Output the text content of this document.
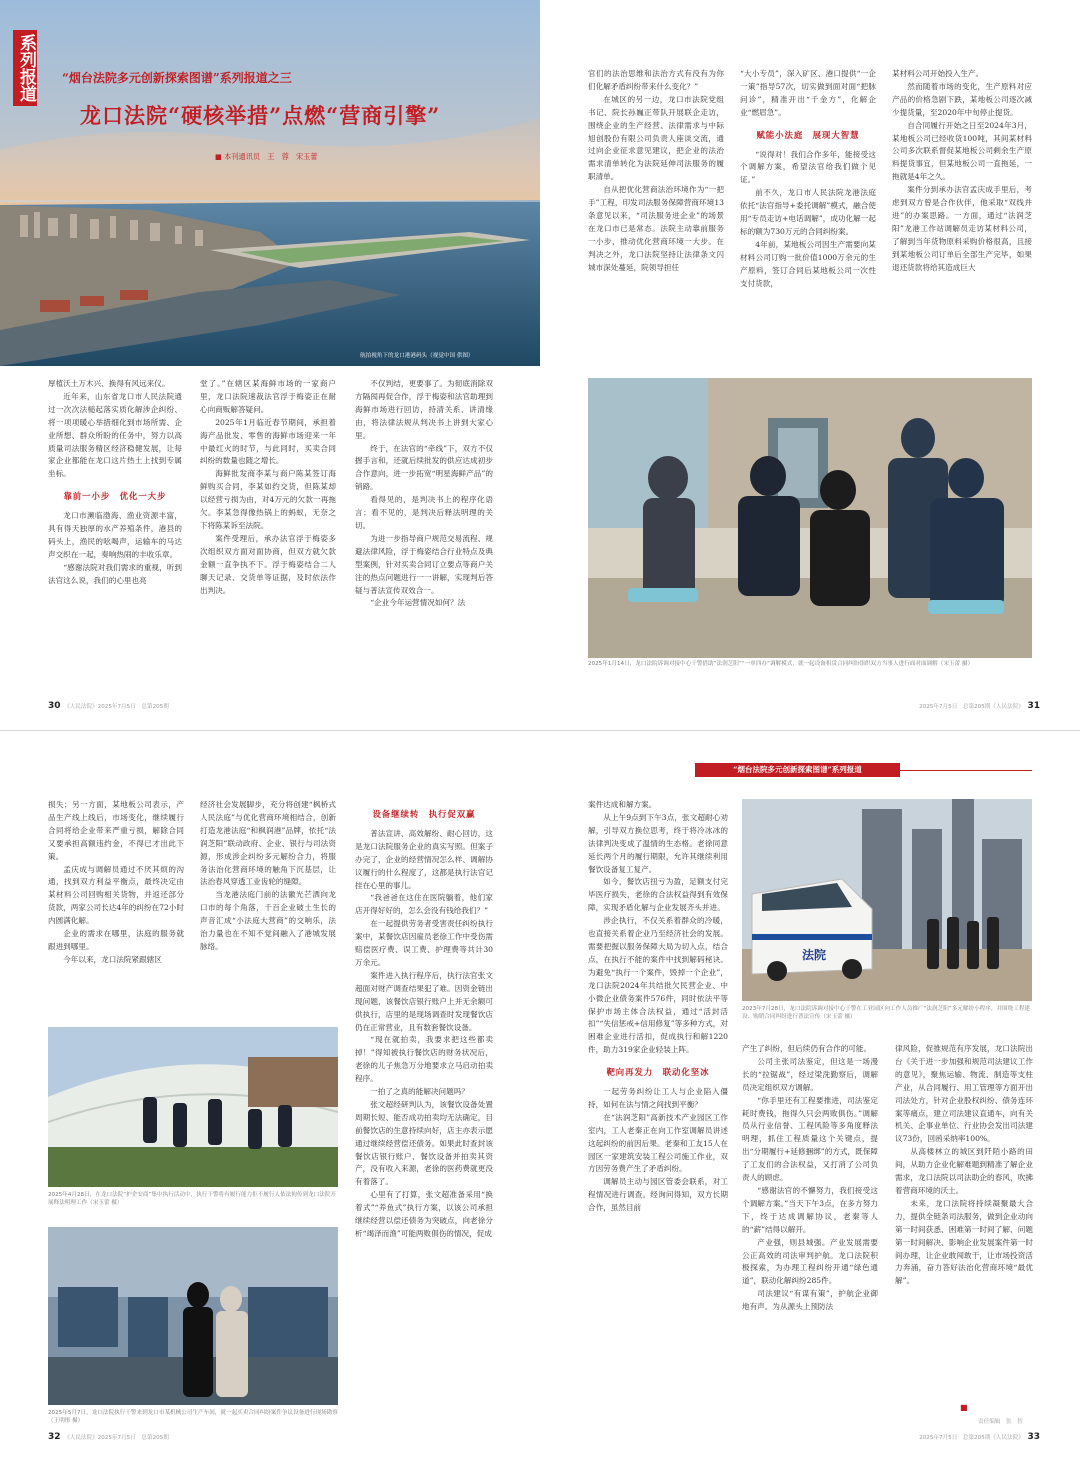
系列报道 “烟台法院多元创新探索图谱”系列报道之三
龙口法院“硬核举措”点燃“营商引擎”
■ 本刊通讯员　王　蓉　宋玉蕾
航拍视角下的龙口港港码头（视觉中国 供图）

厚植沃土万木兴、换得有风远来仪。

近年来，山东省龙口市人民法院通过一次次法槌起落实质化解涉企纠纷、将一项项暖心举措细化到市场所需、企业所想、群众所盼的任务中，努力以高质量司法服务精区经济稳健发展，让每家企业都能在龙口这片热土上找到专属坐标。

靠前一小步　优化一大步

龙口市濒临渤海、渔业资源丰富，具有得天独厚的水产养殖条件，港县的码头上，渔民的吆喝声，运输车的马达声交织在一起，奏响热闹的丰收乐章。

“感谢法院对我们需求的重视，听到法官这么说，我们的心里也亮

堂了。”在辖区某海鲜市场的一家商户里，龙口法院速裁法官浮于梅姿正在耐心向商贩解答疑问。

2025年1月临近春节期间，承担着海产品批发、零售的海鲜市场迎来一年中最红火的时节，与此同时，买卖合同纠纷的数量也随之增长。

海鲜批发商李某与商户陈某签订海鲜购买合同，李某如约交货，但陈某却以经营亏损为由，对4万元的欠款一再拖欠。李某急得像热锅上的蚂蚁，无奈之下将陈某诉至法院。

案件受理后，承办法官浮于梅姿多次组织双方面对面协商，但双方就欠款金额一直争执不下。浮于梅姿结合二人聊天记录、交货单等证据，及时依法作出判决。

不仅判结，更要事了。为彻底消除双方隔阂再促合作，浮于梅姿和法官助理到海鲜市场进行回访，持清关系、讲清缘由，将法律法规从判决书上讲到大家心里。

终于，在法官的“牵线”下，双方不仅握手言和，还就后续批发的供应达成初步合作意向，进一步拓宽“明星海鲜产品”的销路。

看得见的，是判决书上的程序化语言；看不见的，是判决后释法明理的关切。

为进一步指导商户规范交易流程、规避法律风险，浮于梅姿结合行业特点及典型案例，针对买卖合同订立要点等商户关注的热点问题进行一一讲解，实现判后答疑与普法宣传双效合一。

“企业今年运营情况如何？法

30 《人民法院》2025年7月5日　总第205期

官们的法治思维和法治方式有没有为你们化解矛盾纠纷带来什么变化？”

在城区的另一边，龙口市法院党组书记、院长孙巍正带队开展联企走访，围绕企业的生产经营、法律需求与中际旭创股份有限公司负责人座谈交流，通过向企业征求意见建议，把企业的法治需求清单转化为法院延伸司法服务的履职清单。

自从把优化营商法治环境作为“一把手”工程，印发司法服务保障营商环境13条意见以来，“司法服务进企业”的场景在龙口市已是常态。法院主动靠前服务一小步，推动优化营商环境一大步。在判决之外，龙口法院坚持让法律条文闪城市深处蔓延，院领导担任

“大小专员”，深入矿区、港口提供“一企一策”指导57次，切实做到面对面“把脉问诊”，精准开出“千金方”，化解企业“燃眉急”。

赋能小法庭　展现大智慧

“说得对！我们合作多年，能接受这个调解方案，希望法官给我们做个见证。”

前不久，龙口市人民法院龙港法庭依托“法官指导+委托调解”模式，融合使用“专员走访+电话调解”，成功化解一起标的额为730万元的合同纠纷案。

4年前，某地板公司因生产需要向某材料公司订购一批价值1000万余元的生产原料，签订合同后某地板公司一次性支付货款，

某材料公司开始投入生产。

然而随着市场的变化，生产原料对应产品的价格急剧下跌，某地板公司逐次减少提货量，至2020年中旬停止提货。

自合同履行开始之日至2024年3月，某地板公司已经收货100吨，其间某材料公司多次联系督促某地板公司剩余生产原料提货事宜，但某地板公司一直拖延，一拖就是4年之久。

案件分到承办法官孟庆成手里后，考虑到双方曾是合作伙伴，他采取“双线并进”的办案思路。一方面，通过“法润芝阳”龙港工作站调解员走访某材料公司，了解到当年货物原料采购价格很高，且接到某地板公司订单后全部生产完毕，如果退还货款将给其造成巨大

2025年1月14日，龙口法院诉调对接中心干警借助“法润芝阳”“一单四办”调解模式，就一起设备租赁合同纠纷组织双方当事人进行面对面调解（宋玉蕾 摄）
2025年7月5日　总第205期《人民法院》 31

损失；另一方面，某地板公司表示，产品生产线上线后，市场变化，继续履行合同将给企业带来严重亏损，解除合同又要承担高额违约金，不得已才出此下策。

孟庆成与调解员通过不厌其烦的沟通，找到双方利益平衡点，最终决定由某材料公司回购相关货物，并返还部分货款，两家公司长达4年的纠纷在72小时内圆满化解。

企业的需求在哪里，法庭的服务就跟进到哪里。

今年以来，龙口法院紧跟辖区

经济社会发展脚步，充分将创建“枫桥式人民法庭”与优化营商环境相结合，创新打造龙港法庭“和枫润港”品牌，依托“法润芝阳”联动政府、企业、银行与司法资源，形成涉企纠纷多元解纷合力，将服务法治化营商环境的触角下沉基层，让法治春风穿透工业齿轮的缝隙。

当龙港法庭门前的法徽光芒洒向龙口市的每个角落，千百企业破土生长的声音汇成“小法庭大营商”的交响乐，法治力量也在不知不觉间融入了港城发展脉络。

设备继续转　执行促双赢

普法宣讲、高效解纷、耐心回访，这是龙口法院服务企业的真实写照。但案子办完了，企业的经营情况怎么样、调解协议履行的什么程度了，这都是执行法官记挂在心里的事儿。

“我爸爸在这住在医院躺着，他们家店开得好好的，怎么会没有钱给我们？”

在一起提供劳务者受害责任纠纷执行案中，某餐饮店因雇员老徐工作中受伤需赔偿医疗费、误工费、护理费等共计30万余元。

案件进入执行程序后，执行法官张文超面对财产调查结果犯了难。因资金链出现问题，该餐饮店银行账户上并无余额可供执行，店里的是现场调查时发现餐饮店仍在正常营业，且有数套餐饮设备。

“现在就拍卖，我要求把这些都卖掉！”得知被执行餐饮店的财务状况后，老徐的儿子焦急万分地要求立马启动拍卖程序。

一拍了之真的能解决问题吗？

张文超经研判认为，该餐饮设备处置周期长短、能否成功拍卖均无法确定，目前餐饮店的生意持续向好，店主亦表示愿通过继续经营偿还债务。如果此时查封该餐饮店银行账户、餐饮设备并拍卖其资产，没有收入来源，老徐的医药费就更没有着落了。

心里有了打算，张文超准备采用“换着式”“养鱼式”执行方案，以该公司承担继续经营以偿还债务为突破点，向老徐分析“竭泽而渔”可能两败俱伤的情况，促成

2025年4月28日，在龙口法院“护企安商”集中执行活动中，执行干警将有履行能力拒不履行人依法拘传到龙口法院开展释法明理工作（宋玉蕾 摄）
2025年5月7日，龙口法院执行干警来到龙口市某机械公司生产车间，就一起买卖合同纠纷案件争议设备进行现场勘察（王明彤 摄）
32 《人民法院》2025年7月5日　总第205期
“烟台法院多元创新探索图谱”系列报道

案件达成和解方案。

从上午9点到下午3点，张文超耐心劝解，引导双方换位思考，终于将冷冰冰的法律判决变成了温情的生态格。老徐同意延长两个月的履行期限，允许其继续利用餐饮设备复工复产。

如今，餐饮店扭亏为盈，足额支付完毕医疗损失，老徐的合法权益得到有效保障，实现矛盾化解与企业发展齐头并进。

涉企执行，不仅关系着群众的冷暖，也直接关系着企业乃至经济社会的发展。需要把握以服务保障大局为切入点，结合点，在执行不能的案件中找到解码秘诀。为避免“执行一个案件，毁掉一个企业”，龙口法院2024年共结批欠民营企业、中小微企业债务案件576件，同时依法平等保护市场主体合法权益，通过“活封活扣”“失信惩戒+信用修复”等多种方式，对困难企业进行活扣，促成执行和解1220件，助力319家企业轻装上阵。

靶向再发力　联动化坚冰

一起劳务纠纷让工人与企业陷入僵持，如何在法与情之间找到平衡？

在“法润芝阳”高新技术产业园区工作室内，工人老秦正在向工作室调解员讲述这起纠纷的前因后果。老秦和工友15人在园区一家建筑安装工程公司施工作业，双方因劳务费产生了矛盾纠纷。

调解员主动与园区管委会联系，对工程情况进行调查。经询问得知，双方长期合作，虽然目前

法院
2023年7月28日，龙口法院诉调对接中心干警在工业园区向工作人员推广“法润芝阳”多元解纷小程序，并围绕工程建设、购销合同纠纷进行普法宣传（宋玉蕾 摄）

产生了纠纷，但后续仍有合作的可能。

公司主张司法鉴定，但这是一场漫长的“拉锯战”，经过梁洗勤察后，调解员决定组织双方调解。

“你手里还有工程要推进，司法鉴定耗时费钱，拖得久只会两败俱伤。”调解员从行业信誉、工程风险等多角度释法明理，抓住工程质量这个关键点，提出“分期履行+延修捆绑”的方式，既保障了工友们的合法权益，又打消了公司负责人的顾虑。

“感谢法官的不懈努力，我们接受这个调解方案。”当天下午3点，在多方努力下，终于达成调解协议，老秦等人的“薪”结得以解开。

产业强，则县城强。产业发展需要公正高效的司法审判护航。龙口法院积极探索，为办理工程纠纷开通“绿色通道”，联动化解纠纷285件。

司法建议“有谋有策”，护航企业御地有声。为从源头上预防法

律风险，促推规范有序发展，龙口法院出台《关于进一步加强和规范司法建议工作的意见》，聚焦运输、物流、制造等支柱产业，从合同履行、用工管理等方面开出司法处方，针对企业股权纠纷、债务连环案等痛点，建立司法建议直通车，向有关机关、企事业单位、行业协会发出司法建议73份，回函采纳率100%。

从高楼林立的城区到阡陌小路的田间，从助力企业化解难题到精准了解企业需求，龙口法院以司法助企的春风，吹拂着营商环境的沃土。

未来，龙口法院将持续凝聚最大合力，提供全链条司法服务，做到企业动向第一时间获悉、困难第一时间了解、问题第一时间解决、影响企业发展案件第一时间办理，让企业敢闯敢干，让市场投资活力奔涌，奋力答好法治化营商环境“最优解”。

■
责任编辑　张　智
2025年7月5日　总第205期《人民法院》 33
